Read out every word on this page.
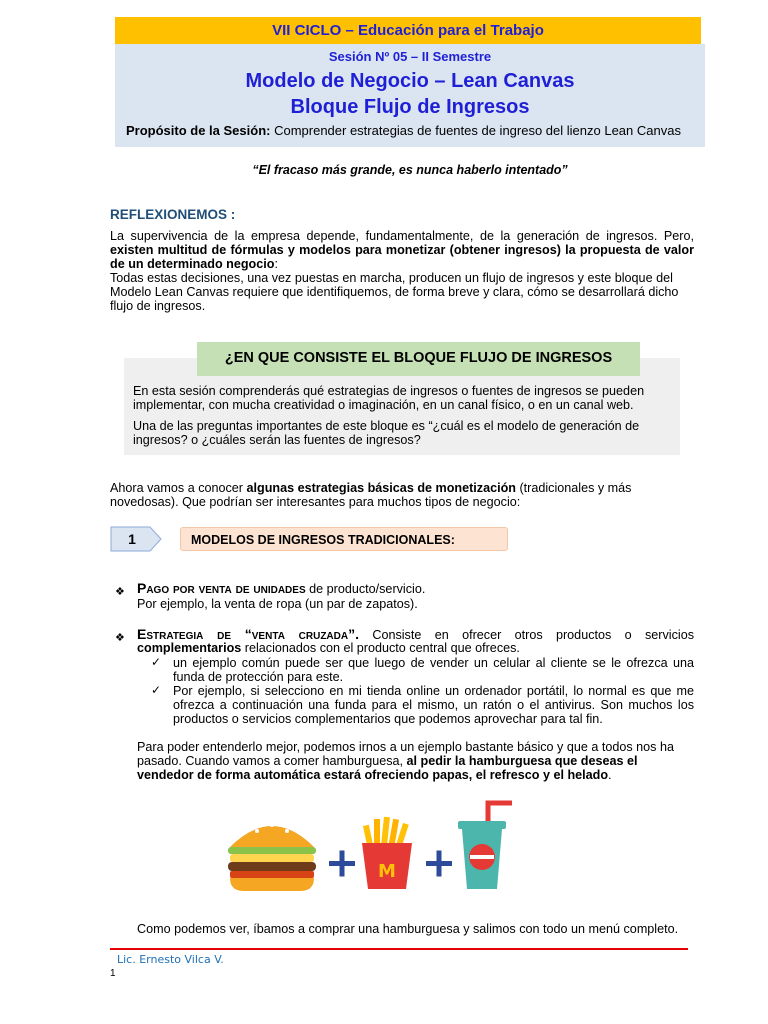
VII CICLO – Educación para el Trabajo
Sesión Nº 05 – II Semestre
Modelo de Negocio – Lean Canvas
Bloque Flujo de Ingresos
Propósito de la Sesión: Comprender estrategias de fuentes de ingreso del lienzo Lean Canvas
“El fracaso más grande, es nunca haberlo intentado”
REFLEXIONEMOS :
La supervivencia de la empresa depende, fundamentalmente, de la generación de ingresos. Pero, existen multitud de fórmulas y modelos para monetizar (obtener ingresos) la propuesta de valor de un determinado negocio:
Todas estas decisiones, una vez puestas en marcha, producen un flujo de ingresos y este bloque del Modelo Lean Canvas requiere que identifiquemos, de forma breve y clara, cómo se desarrollará dicho flujo de ingresos.
¿EN QUE CONSISTE EL BLOQUE FLUJO DE INGRESOS
En esta sesión comprenderás qué estrategias de ingresos o fuentes de ingresos se pueden implementar, con mucha creatividad o imaginación, en un canal físico, o en un canal web.
Una de las preguntas importantes de este bloque es “¿cuál es el modelo de generación de ingresos? o ¿cuáles serán las fuentes de ingresos?
Ahora vamos a conocer algunas estrategias básicas de monetización (tradicionales y más
novedosas). Que podrían ser interesantes para muchos tipos de negocio:
1	MODELOS DE INGRESOS TRADICIONALES:
❖ Pago por venta de unidades de producto/servicio.
Por ejemplo, la venta de ropa (un par de zapatos).
❖ Estrategia de “venta cruzada”. Consiste en ofrecer otros productos o servicios
complementarios relacionados con el producto central que ofreces.
✓ un ejemplo común puede ser que luego de vender un celular al cliente se le ofrezca una funda de protección para este.
✓ Por ejemplo, si selecciono en mi tienda online un ordenador portátil, lo normal es que me ofrezca a continuación una funda para el mismo, un ratón o el antivirus. Son muchos los productos o servicios complementarios que podemos aprovechar para tal fin.
Para poder entenderlo mejor, podemos irnos a un ejemplo bastante básico y que a todos nos ha pasado. Cuando vamos a comer hamburguesa, al pedir la hamburguesa que deseas el vendedor de forma automática estará ofreciendo papas, el refresco y el helado.
M
Como podemos ver, íbamos a comprar una hamburguesa y salimos con todo un menú completo.
Lic. Ernesto Vilca V.
1
